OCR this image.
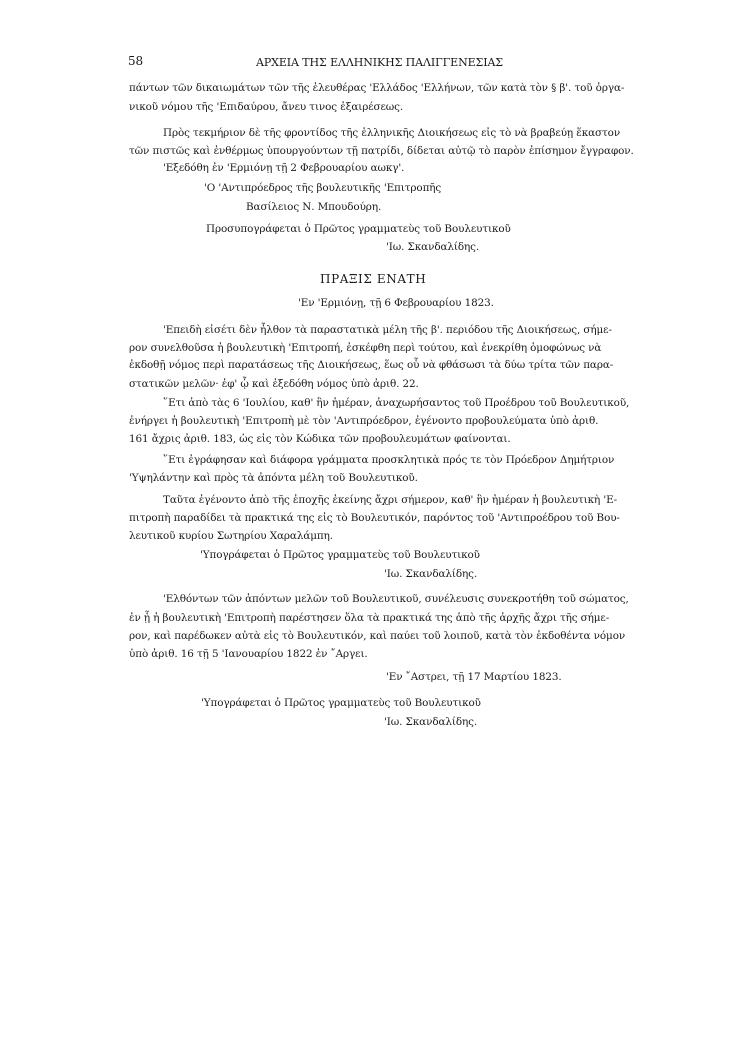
58	ΑΡΧΕΙΑ ΤΗΣ ΕΛΛΗΝΙΚΗΣ ΠΑΛΙΓΓΕΝΕΣΙΑΣ
πάντων τῶν δικαιωμάτων τῶν τῆς ἐλευθέρας 'Ελλάδος 'Ελλήνων, τῶν κατὰ τὸν § β'. τοῦ ὀργα-
νικοῦ νόμου τῆς 'Επιδαύρου, ἄνευ τινος ἐξαιρέσεως.
Πρὸς τεκμήριον δὲ τῆς φροντίδος τῆς ἑλληνικῆς Διοικήσεως εἰς τὸ νὰ βραβεύῃ ἕκαστον
τῶν πιστῶς καὶ ἐνθέρμως ὑπουργούντων τῇ πατρίδι, δίδεται αὐτῷ τὸ παρὸν ἐπίσημον ἔγγραφον.
'Εξεδόθη ἐν 'Ερμιόνῃ τῇ 2 Φεβρουαρίου αωκγ'.
'Ο 'Αντιπρόεδρος τῆς βουλευτικῆς 'Επιτροπῆς
Βασίλειος Ν. Μπουδούρη.
Προσυπογράφεται ὁ Πρῶτος γραμματεὺς τοῦ Βουλευτικοῦ
'Ιω. Σκανδαλίδης.
ΠΡΑΞΙΣ ΕΝΑΤΗ
'Εν 'Ερμιόνῃ, τῇ 6 Φεβρουαρίου 1823.
'Επειδὴ εἰσέτι δὲν ἦλθον τὰ παραστατικὰ μέλη τῆς β'. περιόδου τῆς Διοικήσεως, σήμε-
ρον συνελθοῦσα ἡ βουλευτικὴ 'Επιτροπή, ἐσκέφθη περὶ τούτου, καὶ ἐνεκρίθη ὁμοφώνως νὰ
ἐκδοθῇ νόμος περὶ παρατάσεως τῆς Διοικήσεως, ἕως οὗ νὰ φθάσωσι τὰ δύω τρίτα τῶν παρα-
στατικῶν μελῶν· ἐφ' ᾧ καὶ ἐξεδόθη νόμος ὑπὸ ἀριθ. 22.
῞Ετι ἀπὸ τὰς 6 'Ιουλίου, καθ' ἣν ἡμέραν, ἀναχωρήσαντος τοῦ Προέδρου τοῦ Βουλευτικοῦ,
ἐνήργει ἡ βουλευτικὴ 'Επιτροπὴ μὲ τὸν 'Αντιπρόεδρον, ἐγένοντο προβουλεύματα ὑπὸ ἀριθ.
161 ἄχρις ἀριθ. 183, ὡς εἰς τὸν Κώδικα τῶν προβουλευμάτων φαίνονται.
῞Ετι ἐγράφησαν καὶ διάφορα γράμματα προσκλητικὰ πρός τε τὸν Πρόεδρον Δημήτριον
'Υψηλάντην καὶ πρὸς τὰ ἀπόντα μέλη τοῦ Βουλευτικοῦ.
Ταῦτα ἐγένοντο ἀπὸ τῆς ἐποχῆς ἐκείνης ἄχρι σήμερον, καθ' ἣν ἡμέραν ἡ βουλευτικὴ 'Ε-
πιτροπὴ παραδίδει τὰ πρακτικά της εἰς τὸ Βουλευτικόν, παρόντος τοῦ 'Αντιπροέδρου τοῦ Βου-
λευτικοῦ κυρίου Σωτηρίου Χαραλάμπη.
'Υπογράφεται ὁ Πρῶτος γραμματεὺς τοῦ Βουλευτικοῦ
'Ιω. Σκανδαλίδης.
'Ελθόντων τῶν ἀπόντων μελῶν τοῦ Βουλευτικοῦ, συνέλευσις συνεκροτήθη τοῦ σώματος,
ἐν ᾗ ἡ βουλευτικὴ 'Επιτροπὴ παρέστησεν ὅλα τὰ πρακτικά της ἀπὸ τῆς ἀρχῆς ἄχρι τῆς σήμε-
ρον, καὶ παρέδωκεν αὐτὰ εἰς τὸ Βουλευτικόν, καὶ παύει τοῦ λοιποῦ, κατὰ τὸν ἐκδοθέντα νόμον
ὑπὸ ἀριθ. 16 τῇ 5 'Ιανουαρίου 1822 ἐν ῎Αργει.
'Εν ῎Αστρει, τῇ 17 Μαρτίου 1823.
'Υπογράφεται ὁ Πρῶτος γραμματεὺς τοῦ Βουλευτικοῦ
'Ιω. Σκανδαλίδης.
